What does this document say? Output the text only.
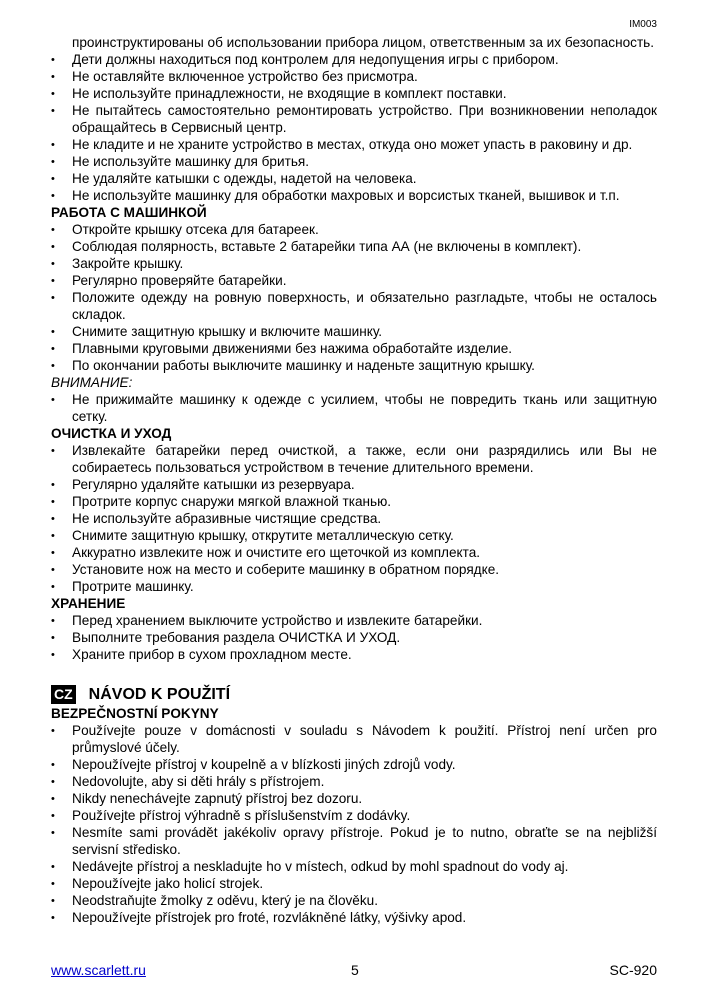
IM003
проинструктированы об использовании прибора лицом, ответственным за их безопасность.
• Дети должны находиться под контролем для недопущения игры с прибором.
• Не оставляйте включенное устройство без присмотра.
• Не используйте принадлежности, не входящие в комплект поставки.
• Не пытайтесь самостоятельно ремонтировать устройство. При возникновении неполадок обращайтесь в Сервисный центр.
• Не кладите и не храните устройство в местах, откуда оно может упасть в раковину и др.
• Не используйте машинку для бритья.
• Не удаляйте катышки с одежды, надетой на человека.
• Не используйте машинку для обработки махровых и ворсистых тканей, вышивок и т.п.
РАБОТА С МАШИНКОЙ
• Откройте крышку отсека для батареек.
• Соблюдая полярность, вставьте 2 батарейки типа АА (не включены в комплект).
• Закройте крышку.
• Регулярно проверяйте батарейки.
• Положите одежду на ровную поверхность, и обязательно разгладьте, чтобы не осталось складок.
• Снимите защитную крышку и включите машинку.
• Плавными круговыми движениями без нажима обработайте изделие.
• По окончании работы выключите машинку и наденьте защитную крышку.
ВНИМАНИЕ:
• Не прижимайте машинку к одежде с усилием, чтобы не повредить ткань или защитную сетку.
ОЧИСТКА И УХОД
• Извлекайте батарейки перед очисткой, а также, если они разрядились или Вы не собираетесь пользоваться устройством в течение длительного времени.
• Регулярно удаляйте катышки из резервуара.
• Протрите корпус снаружи мягкой влажной тканью.
• Не используйте абразивные чистящие средства.
• Снимите защитную крышку, открутите металлическую сетку.
• Аккуратно извлеките нож и очистите его щеточкой из комплекта.
• Установите нож на место и соберите машинку в обратном порядке.
• Протрите машинку.
ХРАНЕНИЕ
• Перед хранением выключите устройство и извлеките батарейки.
• Выполните требования раздела ОЧИСТКА И УХОД.
• Храните прибор в сухом прохладном месте.
CZ NÁVOD K POUŽITÍ
BEZPEČNOSTNÍ POKYNY
• Používejte pouze v domácnosti v souladu s Návodem k použití. Přístroj není určen pro průmyslové účely.
• Nepoužívejte přístroj v koupelně a v blízkosti jiných zdrojů vody.
• Nedovolujte, aby si děti hrály s přístrojem.
• Nikdy nenechávejte zapnutý přístroj bez dozoru.
• Používejte přístroj výhradně s příslušenstvím z dodávky.
• Nesmíte sami provádět jakékoliv opravy přístroje. Pokud je to nutno, obraťte se na nejbližší servisní středisko.
• Nedávejte přístroj a neskladujte ho v místech, odkud by mohl spadnout do vody aj.
• Nepoužívejte jako holicí strojek.
• Neodstraňujte žmolky z oděvu, který je na člověku.
• Nepoužívejte přístrojek pro froté, rozvlákněné látky, výšivky apod.
www.scarlett.ru	5	SC-920
